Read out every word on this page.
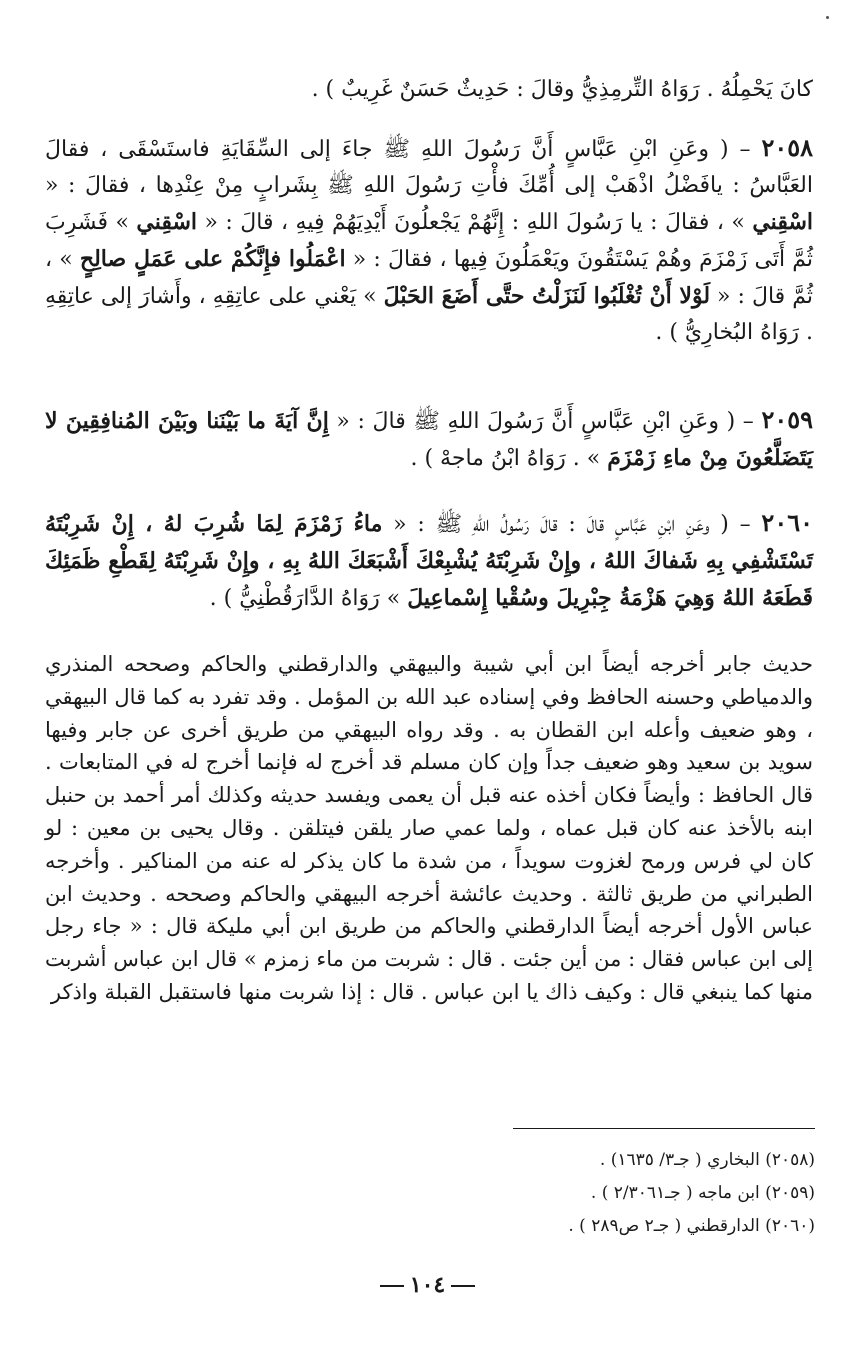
كانَ يَحْمِلُهُ . رَوَاهُ التِّرمِذِيُّ وقالَ : حَدِيثٌ حَسَنٌ غَرِيبٌ ) .
٢٠٥٨ – ( وعَنِ ابْنِ عَبَّاسٍ أَنَّ رَسُولَ اللهِ ﷺ جاءَ إلى السِّقَايَةِ فاستَسْقَى ، فقالَ العَبَّاسُ : يافَضْلُ اذْهَبْ إلى أُمِّكَ فأْتِ رَسُولَ اللهِ ﷺ بِشَرابٍ مِنْ عِنْدِها ، فقالَ : « اسْقِني » ، فقالَ : يا رَسُولَ اللهِ : إِنَّهُمْ يَجْعلُونَ أَيْدِيَهُمْ فِيهِ ، قالَ : « اسْقِني » فَشَرِبَ ثُمَّ أَتَى زَمْزَمَ وهُمْ يَسْتَقُونَ ويَعْمَلُونَ فِيها ، فقالَ : « اعْمَلُوا فإِنَّكُمْ على عَمَلٍ صالِحٍ » ، ثُمَّ قالَ : « لَوْلا أَنْ تُغْلَبُوا لَنَزَلْتُ حتَّى أَضَعَ الحَبْلَ » يَعْني على عاتِقِهِ ، وأَشارَ إلى عاتِقِهِ . رَوَاهُ البُخارِيُّ ) .
٢٠٥٩ – ( وعَنِ ابْنِ عَبَّاسٍ أَنَّ رَسُولَ اللهِ ﷺ قالَ : « إِنَّ آيَةَ ما بَيْنَنا وبَيْنَ المُنافِقِينَ لا يَتَضَلَّعُونَ مِنْ ماءِ زَمْزَمَ » . رَوَاهُ ابْنُ ماجهْ ) .
٢٠٦٠ – ( وعَنِ ابْنِ عَبَّاسٍ قالَ : قالَ رَسُولُ اللهِ ﷺ : « ماءُ زَمْزَمَ لِمَا شُرِبَ لهُ ، إِنْ شَرِبْتَهُ تَسْتَشْفِي بِهِ شَفاكَ اللهُ ، وإِنْ شَرِبْتَهُ يُشْبِعْكَ أَشْبَعَكَ اللهُ بِهِ ، وإِنْ شَرِبْتَهُ لِقَطْعِ ظَمَئِكَ قَطَعَهُ اللهُ وَهِيَ هَزْمَةُ جِبْرِيلَ وسُقْيا إِسْماعِيلَ » رَوَاهُ الدَّارَقُطْنِيُّ ) .
حديث جابر أخرجه أيضاً ابن أبي شيبة والبيهقي والدارقطني والحاكم وصححه المنذري والدمياطي وحسنه الحافظ وفي إسناده عبد الله بن المؤمل . وقد تفرد به كما قال البيهقي ، وهو ضعيف وأعله ابن القطان به . وقد رواه البيهقي من طريق أخرى عن جابر وفيها سويد بن سعيد وهو ضعيف جداً وإن كان مسلم قد أخرج له فإنما أخرج له في المتابعات . قال الحافظ : وأيضاً فكان أخذه عنه قبل أن يعمى ويفسد حديثه وكذلك أمر أحمد بن حنبل ابنه بالأخذ عنه كان قبل عماه ، ولما عمي صار يلقن فيتلقن . وقال يحيى بن معين : لو كان لي فرس ورمح لغزوت سويداً ، من شدة ما كان يذكر له عنه من المناكير . وأخرجه الطبراني من طريق ثالثة . وحديث عائشة أخرجه البيهقي والحاكم وصححه . وحديث ابن عباس الأول أخرجه أيضاً الدارقطني والحاكم من طريق ابن أبي مليكة قال : « جاء رجل إلى ابن عباس فقال : من أين جئت . قال : شربت من ماء زمزم » قال ابن عباس أشربت منها كما ينبغي قال : وكيف ذاك يا ابن عباس . قال : إذا شربت منها فاستقبل القبلة واذكر
(٢٠٥٨) البخاري ( جـ٣/ ١٦٣٥) .
(٢٠٥٩) ابن ماجه ( جـ٢/٣٠٦١ ) .
(٢٠٦٠) الدارقطني ( جـ٢ ص٢٨٩ ) .
١٠٤
